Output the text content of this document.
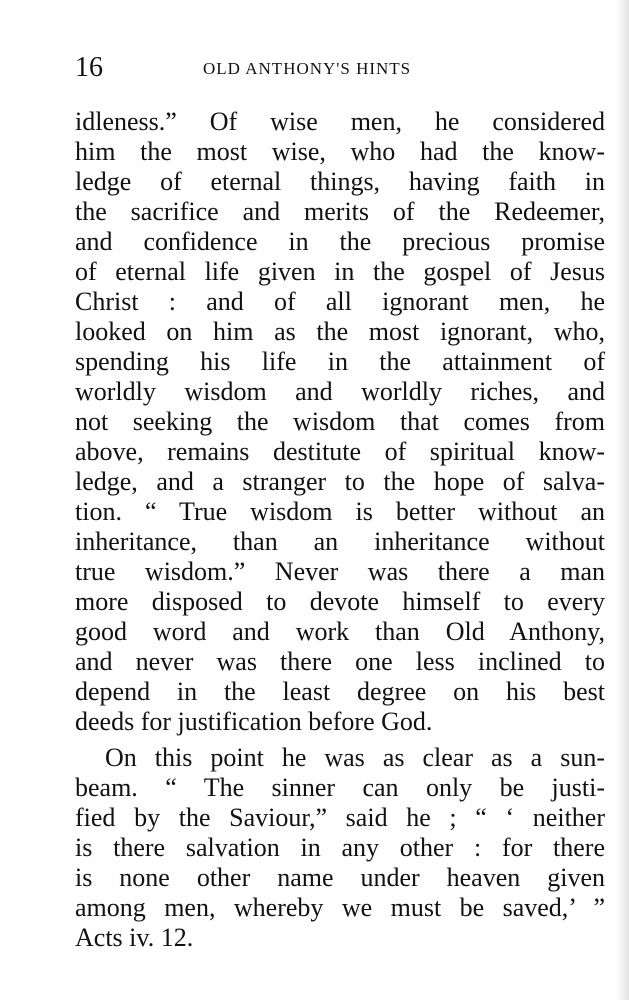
16	OLD ANTHONY'S HINTS
idleness.” Of wise men, he considered
him the most wise, who had the know-
ledge of eternal things, having faith in
the sacrifice and merits of the Redeemer,
and confidence in the precious promise
of eternal life given in the gospel of Jesus
Christ : and of all ignorant men, he
looked on him as the most ignorant, who,
spending his life in the attainment of
worldly wisdom and worldly riches, and
not seeking the wisdom that comes from
above, remains destitute of spiritual know-
ledge, and a stranger to the hope of salva-
tion. “ True wisdom is better without an
inheritance, than an inheritance without
true wisdom.” Never was there a man
more disposed to devote himself to every
good word and work than Old Anthony,
and never was there one less inclined to
depend in the least degree on his best
deeds for justification before God.
On this point he was as clear as a sun-
beam. “ The sinner can only be justi-
fied by the Saviour,” said he ; “ ‘ neither
is there salvation in any other : for there
is none other name under heaven given
among men, whereby we must be saved,’ ”
Acts iv. 12.
